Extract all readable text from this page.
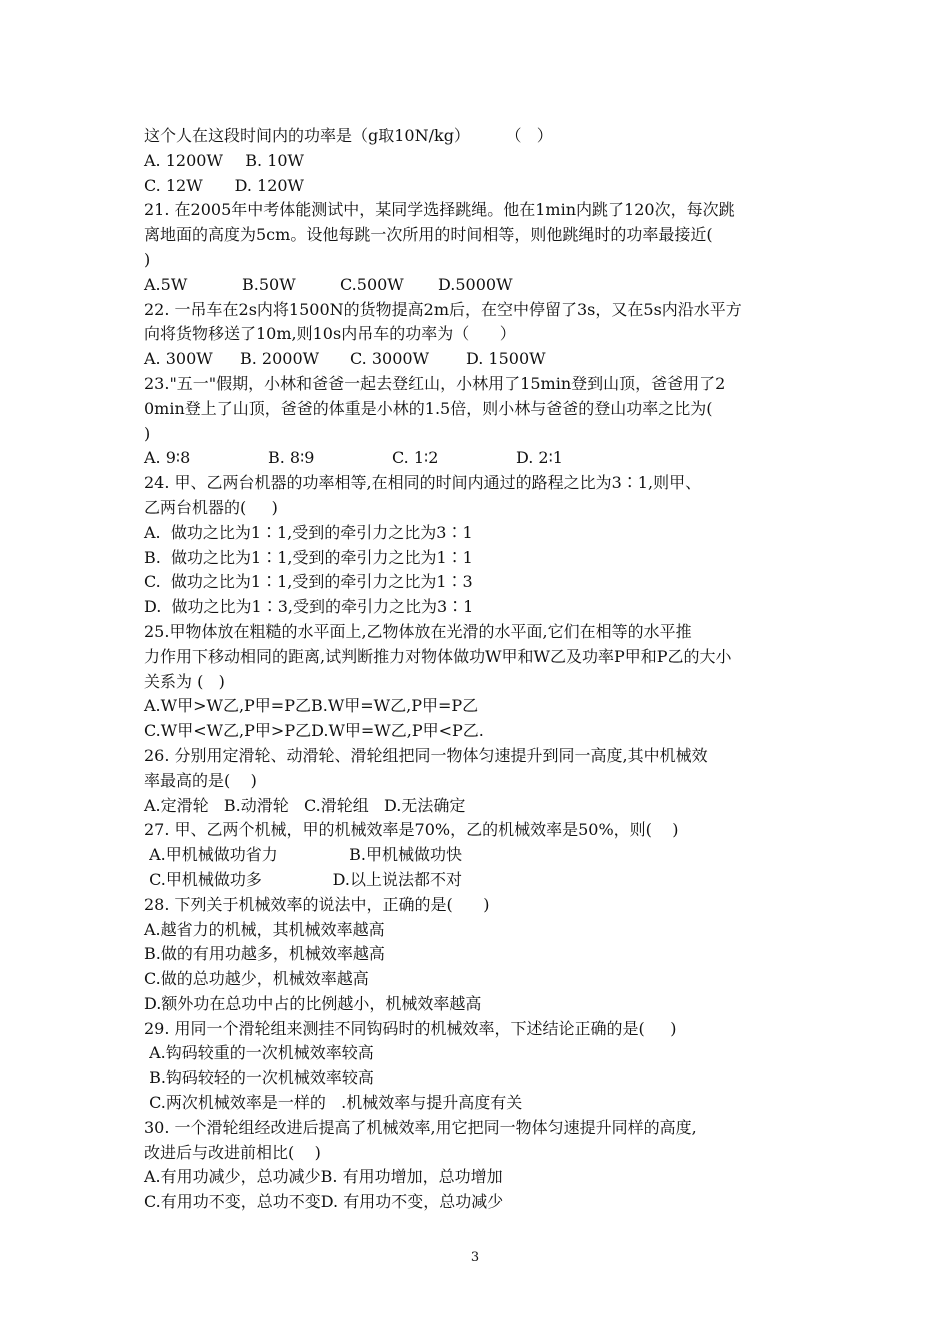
这个人在这段时间内的功率是（g取10N/kg）       （   ）
A. 1200W	B. 10W
C. 12W	D. 120W
21. 在2005年中考体能测试中，某同学选择跳绳。他在1min内跳了120次，每次跳
离地面的高度为5cm。设他每跳一次所用的时间相等，则他跳绳时的功率最接近(
)
A.5W	B.50W	C.500W	D.5000W
22. 一吊车在2s内将1500N的货物提高2m后，在空中停留了3s，又在5s内沿水平方
向将货物移送了10m,则10s内吊车的功率为（      ）
A. 300W	B. 2000W	C. 3000W	D. 1500W
23."五一"假期，小林和爸爸一起去登红山，小林用了15min登到山顶，爸爸用了2
0min登上了山顶，爸爸的体重是小林的1.5倍，则小林与爸爸的登山功率之比为(
)
A. 9∶8	B. 8∶9	C. 1∶2	D. 2∶1
24. 甲、乙两台机器的功率相等,在相同的时间内通过的路程之比为3∶1,则甲、
乙两台机器的(     )
A.  做功之比为1∶1,受到的牵引力之比为3∶1
B.  做功之比为1∶1,受到的牵引力之比为1∶1
C.  做功之比为1∶1,受到的牵引力之比为1∶3
D.  做功之比为1∶3,受到的牵引力之比为3∶1
25.甲物体放在粗糙的水平面上,乙物体放在光滑的水平面,它们在相等的水平推
力作用下移动相同的距离,试判断推力对物体做功W甲和W乙及功率P甲和P乙的大小
关系为 (   )
A.W甲>W乙,P甲=P乙 B.W甲=W乙,P甲=P乙
C.W甲<W乙,P甲>P乙 D.W甲=W乙,P甲<P乙.
26. 分别用定滑轮、动滑轮、滑轮组把同一物体匀速提升到同一高度,其中机械效
率最高的是(    )
A.定滑轮   B.动滑轮   C.滑轮组   D.无法确定
27. 甲、乙两个机械，甲的机械效率是70%，乙的机械效率是50%，则(    )
A.甲机械做功省力	B.甲机械做功快
C.甲机械做功多	D.以上说法都不对
28. 下列关于机械效率的说法中，正确的是(      )
A.越省力的机械，其机械效率越高
B.做的有用功越多，机械效率越高
C.做的总功越少，机械效率越高
D.额外功在总功中占的比例越小，机械效率越高
29. 用同一个滑轮组来测挂不同钩码时的机械效率，下述结论正确的是(     )
A.钩码较重的一次机械效率较高
B.钩码较轻的一次机械效率较高
C.两次机械效率是一样的   .机械效率与提升高度有关
30. 一个滑轮组经改进后提高了机械效率,用它把同一物体匀速提升同样的高度,
改进后与改进前相比(    )
A.有用功减少，总功减少 B. 有用功增加，总功增加
C.有用功不变，总功不变 D. 有用功不变，总功减少
3
